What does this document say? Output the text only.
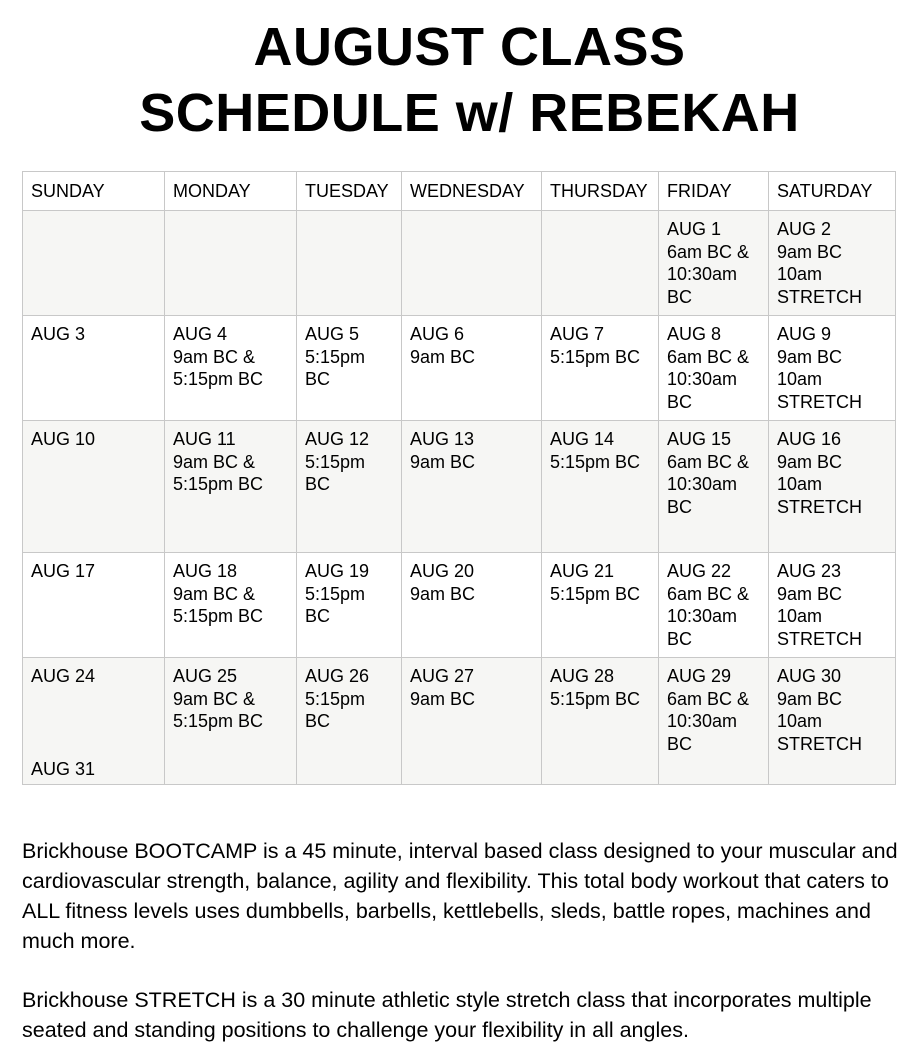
AUGUST CLASS
SCHEDULE w/ REBEKAH
SUNDAY	MONDAY	TUESDAY	WEDNESDAY	THURSDAY	FRIDAY	SATURDAY

					AUG 1
6am BC &
10:30am
BC	AUG 2
9am BC
10am
STRETCH

AUG 3	AUG 4
9am BC &
5:15pm BC	AUG 5
5:15pm
BC	AUG 6
9am BC	AUG 7
5:15pm BC	AUG 8
6am BC &
10:30am
BC	AUG 9
9am BC
10am
STRETCH

AUG 10	AUG 11
9am BC &
5:15pm BC	AUG 12
5:15pm
BC	AUG 13
9am BC	AUG 14
5:15pm BC	AUG 15
6am BC &
10:30am
BC	AUG 16
9am BC
10am
STRETCH

AUG 17	AUG 18
9am BC &
5:15pm BC	AUG 19
5:15pm
BC	AUG 20
9am BC	AUG 21
5:15pm BC	AUG 22
6am BC &
10:30am
BC	AUG 23
9am BC
10am
STRETCH

AUG 24
AUG 31	AUG 25
9am BC &
5:15pm BC	AUG 26
5:15pm
BC	AUG 27
9am BC	AUG 28
5:15pm BC	AUG 29
6am BC &
10:30am
BC	AUG 30
9am BC
10am
STRETCH

Brickhouse BOOTCAMP is a 45 minute, interval based class designed to your muscular and cardiovascular strength, balance, agility and flexibility. This total body workout that caters to ALL fitness levels uses dumbbells, barbells, kettlebells, sleds, battle ropes, machines and much more.

Brickhouse STRETCH is a 30 minute athletic style stretch class that incorporates multiple seated and standing positions to challenge your flexibility in all angles.
